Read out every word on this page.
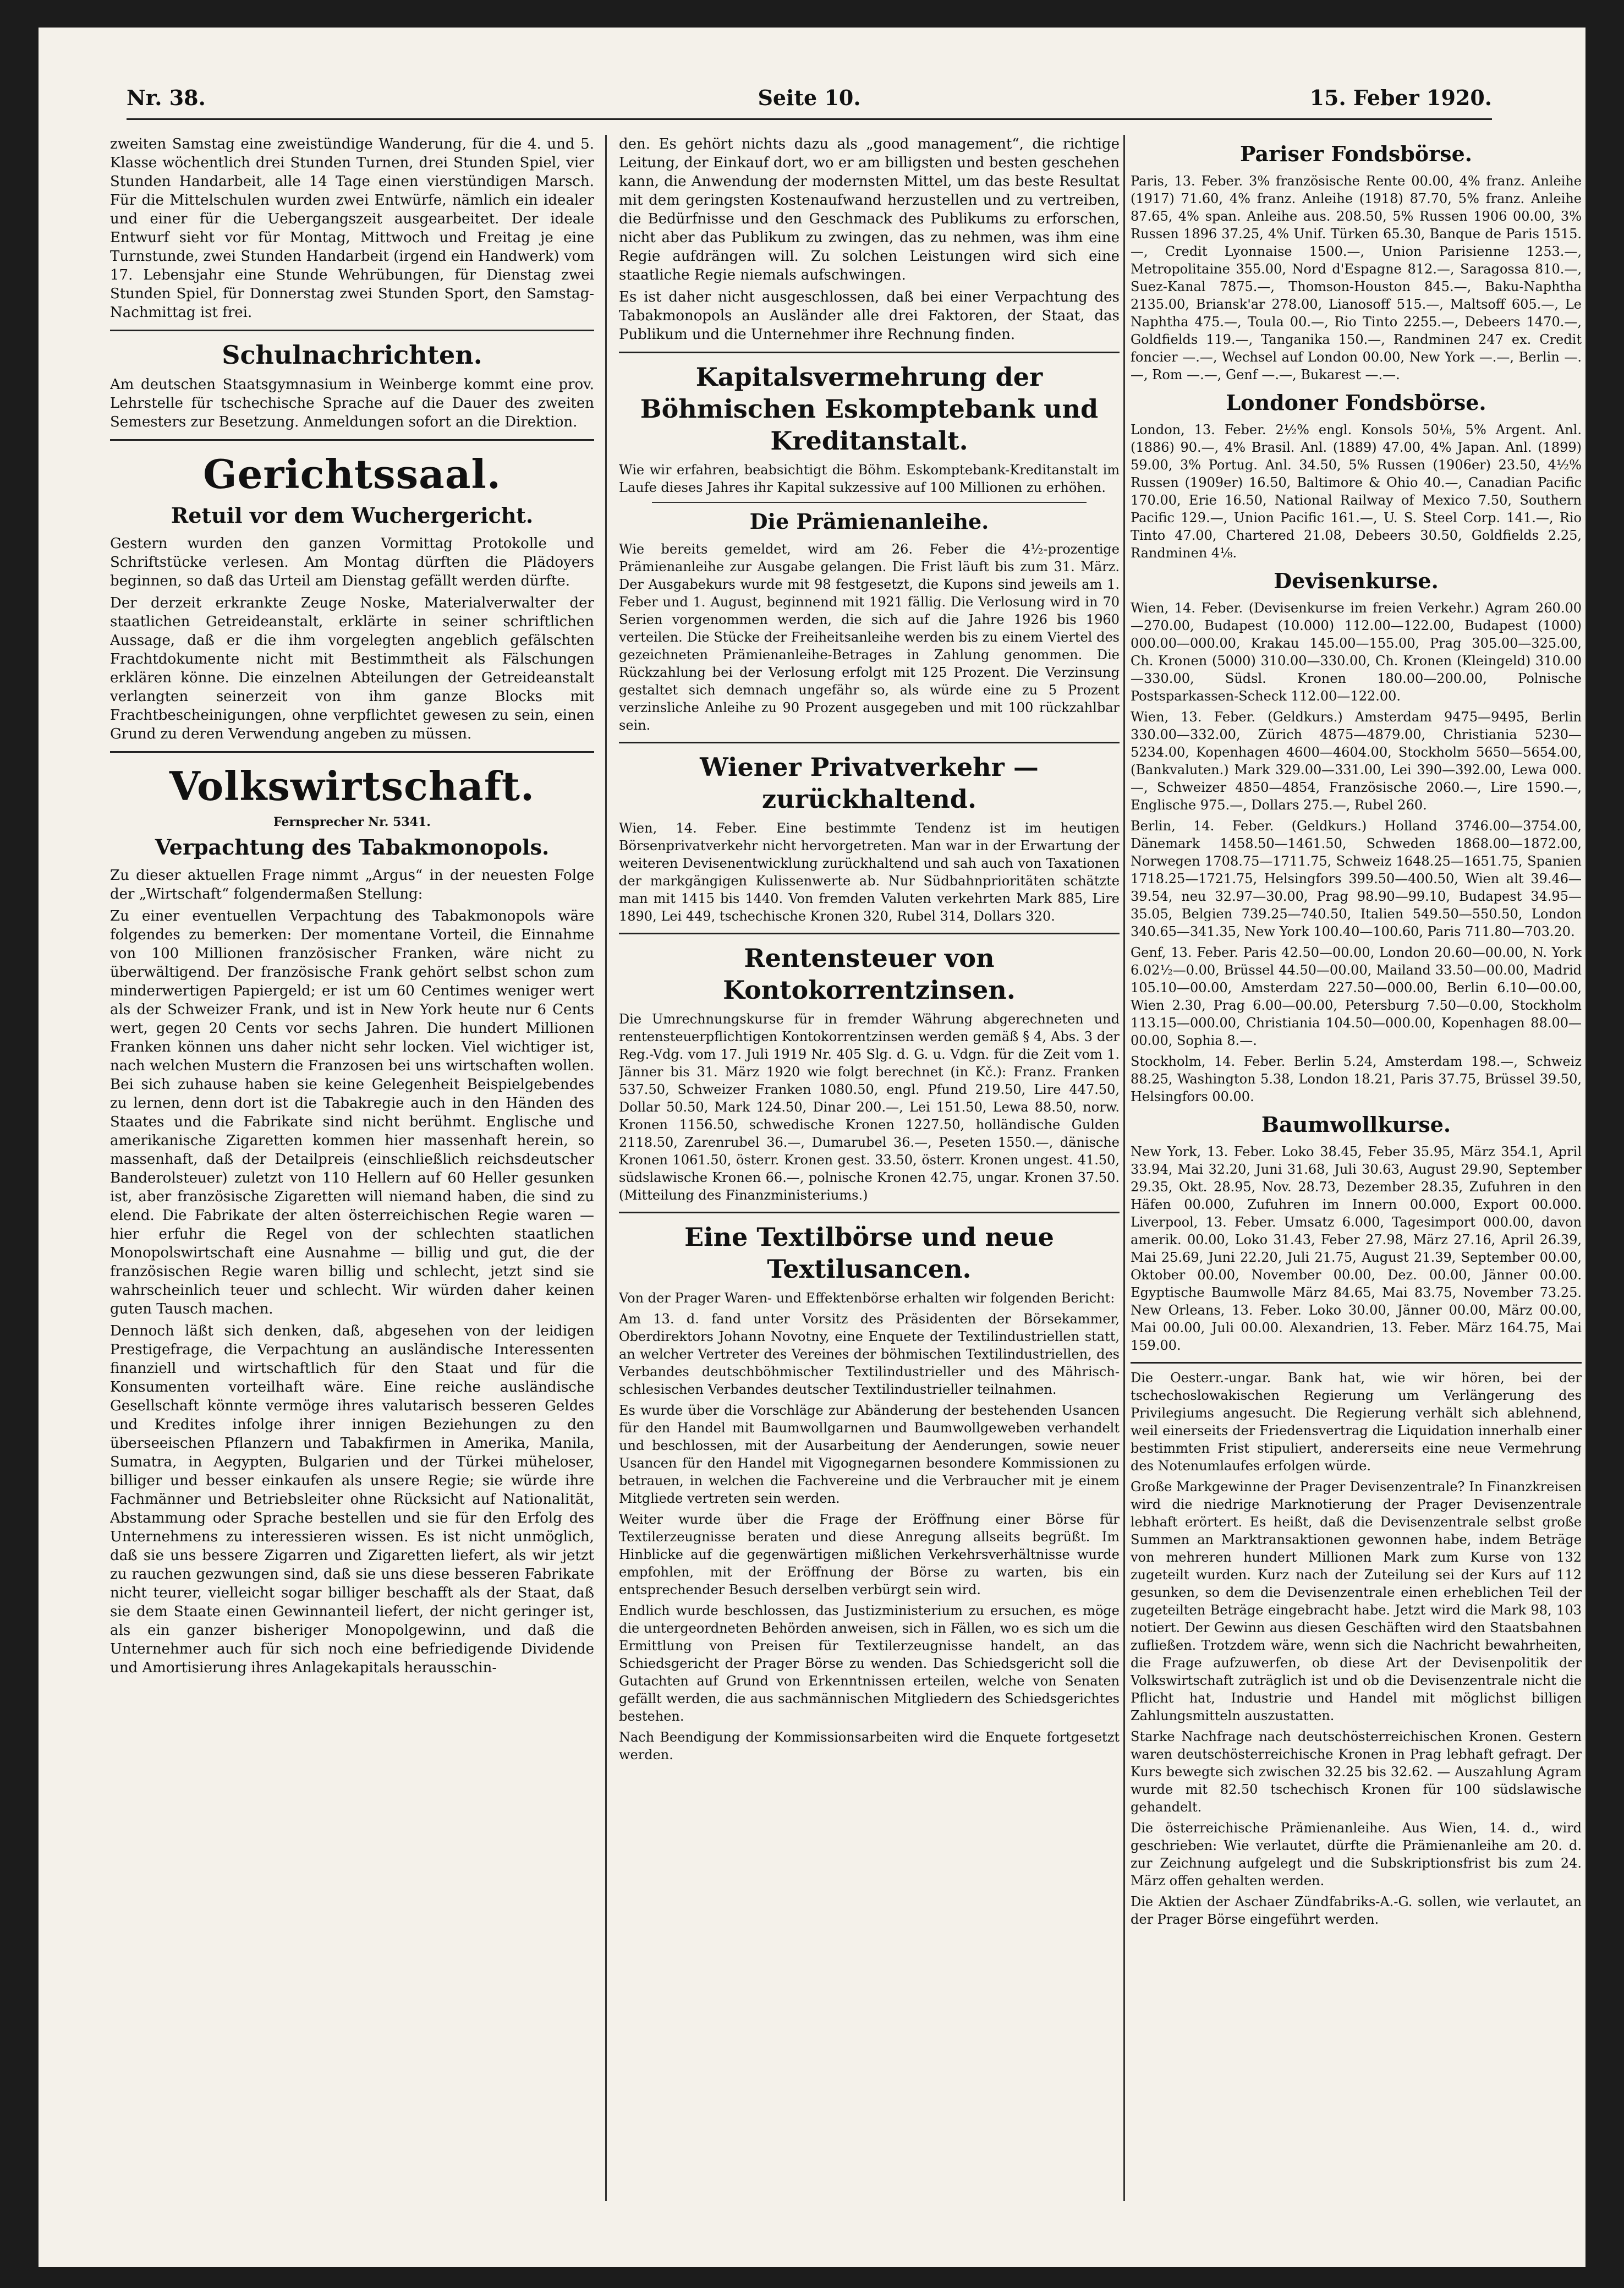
Nr. 38.	Seite 10.	15. Feber 1920.

zweiten Samstag eine zweistündige Wanderung, für die 4. und 5. Klasse wöchentlich drei Stunden Turnen, drei Stunden Spiel, vier Stunden Handarbeit, alle 14 Tage einen vierstündigen Marsch. Für die Mittelschulen wurden zwei Entwürfe, nämlich ein idealer und einer für die Uebergangszeit ausgearbeitet. Der ideale Entwurf sieht vor für Montag, Mittwoch und Freitag je eine Turnstunde, zwei Stunden Handarbeit (irgend ein Handwerk) vom 17. Lebensjahr eine Stunde Wehrübungen, für Dienstag zwei Stunden Spiel, für Donnerstag zwei Stunden Sport, den Samstag-Nachmittag ist frei.

Schulnachrichten.

Am deutschen Staatsgymnasium in Weinberge kommt eine prov. Lehrstelle für tschechische Sprache auf die Dauer des zweiten Semesters zur Besetzung. Anmeldungen sofort an die Direktion.

Gerichtssaal.
Retuil vor dem Wuchergericht.

Gestern wurden den ganzen Vormittag Protokolle und Schriftstücke verlesen. Am Montag dürften die Plädoyers beginnen, so daß das Urteil am Dienstag gefällt werden dürfte.

Der derzeit erkrankte Zeuge Noske, Materialverwalter der staatlichen Getreideanstalt, erklärte in seiner schriftlichen Aussage, daß er die ihm vorgelegten angeblich gefälschten Frachtdokumente nicht mit Bestimmtheit als Fälschungen erklären könne. Die einzelnen Abteilungen der Getreideanstalt verlangten seinerzeit von ihm ganze Blocks mit Frachtbescheinigungen, ohne verpflichtet gewesen zu sein, einen Grund zu deren Verwendung angeben zu müssen.

Volkswirtschaft.
Fernsprecher Nr. 5341.
Verpachtung des Tabakmonopols.

Zu dieser aktuellen Frage nimmt „Argus“ in der neuesten Folge der „Wirtschaft“ folgendermaßen Stellung:

Zu einer eventuellen Verpachtung des Tabakmonopols wäre folgendes zu bemerken: Der momentane Vorteil, die Einnahme von 100 Millionen französischer Franken, wäre nicht zu überwältigend. Der französische Frank gehört selbst schon zum minderwertigen Papiergeld; er ist um 60 Centimes weniger wert als der Schweizer Frank, und ist in New York heute nur 6 Cents wert, gegen 20 Cents vor sechs Jahren. Die hundert Millionen Franken können uns daher nicht sehr locken. Viel wichtiger ist, nach welchen Mustern die Franzosen bei uns wirtschaften wollen. Bei sich zuhause haben sie keine Gelegenheit Beispielgebendes zu lernen, denn dort ist die Tabakregie auch in den Händen des Staates und die Fabrikate sind nicht berühmt. Englische und amerikanische Zigaretten kommen hier massenhaft herein, so massenhaft, daß der Detailpreis (einschließlich reichsdeutscher Banderolsteuer) zuletzt von 110 Hellern auf 60 Heller gesunken ist, aber französische Zigaretten will niemand haben, die sind zu elend. Die Fabrikate der alten österreichischen Regie waren — hier erfuhr die Regel von der schlechten staatlichen Monopolswirtschaft eine Ausnahme — billig und gut, die der französischen Regie waren billig und schlecht, jetzt sind sie wahrscheinlich teuer und schlecht. Wir würden daher keinen guten Tausch machen.

Dennoch läßt sich denken, daß, abgesehen von der leidigen Prestigefrage, die Verpachtung an ausländische Interessenten finanziell und wirtschaftlich für den Staat und für die Konsumenten vorteilhaft wäre. Eine reiche ausländische Gesellschaft könnte vermöge ihres valutarisch besseren Geldes und Kredites infolge ihrer innigen Beziehungen zu den überseeischen Pflanzern und Tabakfirmen in Amerika, Manila, Sumatra, in Aegypten, Bulgarien und der Türkei müheloser, billiger und besser einkaufen als unsere Regie; sie würde ihre Fachmänner und Betriebsleiter ohne Rücksicht auf Nationalität, Abstammung oder Sprache bestellen und sie für den Erfolg des Unternehmens zu interessieren wissen. Es ist nicht unmöglich, daß sie uns bessere Zigarren und Zigaretten liefert, als wir jetzt zu rauchen gezwungen sind, daß sie uns diese besseren Fabrikate nicht teurer, vielleicht sogar billiger beschafft als der Staat, daß sie dem Staate einen Gewinnanteil liefert, der nicht geringer ist, als ein ganzer bisheriger Monopolgewinn, und daß die Unternehmer auch für sich noch eine befriedigende Dividende und Amortisierung ihres Anlagekapitals herausschin-

den. Es gehört nichts dazu als „good management“, die richtige Leitung, der Einkauf dort, wo er am billigsten und besten geschehen kann, die Anwendung der modernsten Mittel, um das beste Resultat mit dem geringsten Kostenaufwand herzustellen und zu vertreiben, die Bedürfnisse und den Geschmack des Publikums zu erforschen, nicht aber das Publikum zu zwingen, das zu nehmen, was ihm eine Regie aufdrängen will. Zu solchen Leistungen wird sich eine staatliche Regie niemals aufschwingen.

Es ist daher nicht ausgeschlossen, daß bei einer Verpachtung des Tabakmonopols an Ausländer alle drei Faktoren, der Staat, das Publikum und die Unternehmer ihre Rechnung finden.

Kapitalsvermehrung der Böhmischen Eskomptebank und Kreditanstalt.

Wie wir erfahren, beabsichtigt die Böhm. Eskomptebank-Kreditanstalt im Laufe dieses Jahres ihr Kapital sukzessive auf 100 Millionen zu erhöhen.

Die Prämienanleihe.

Wie bereits gemeldet, wird am 26. Feber die 4½-prozentige Prämienanleihe zur Ausgabe gelangen. Die Frist läuft bis zum 31. März. Der Ausgabekurs wurde mit 98 festgesetzt, die Kupons sind jeweils am 1. Feber und 1. August, beginnend mit 1921 fällig. Die Verlosung wird in 70 Serien vorgenommen werden, die sich auf die Jahre 1926 bis 1960 verteilen. Die Stücke der Freiheitsanleihe werden bis zu einem Viertel des gezeichneten Prämienanleihe-Betrages in Zahlung genommen. Die Rückzahlung bei der Verlosung erfolgt mit 125 Prozent. Die Verzinsung gestaltet sich demnach ungefähr so, als würde eine zu 5 Prozent verzinsliche Anleihe zu 90 Prozent ausgegeben und mit 100 rückzahlbar sein.

Wiener Privatverkehr — zurückhaltend.

Wien, 14. Feber. Eine bestimmte Tendenz ist im heutigen Börsenprivatverkehr nicht hervorgetreten. Man war in der Erwartung der weiteren Devisenentwicklung zurückhaltend und sah auch von Taxationen der markgängigen Kulissenwerte ab. Nur Südbahnprioritäten schätzte man mit 1415 bis 1440. Von fremden Valuten verkehrten Mark 885, Lire 1890, Lei 449, tschechische Kronen 320, Rubel 314, Dollars 320.

Rentensteuer von Kontokorrentzinsen.

Die Umrechnungskurse für in fremder Währung abgerechneten und rentensteuerpflichtigen Kontokorrentzinsen werden gemäß § 4, Abs. 3 der Reg.-Vdg. vom 17. Juli 1919 Nr. 405 Slg. d. G. u. Vdgn. für die Zeit vom 1. Jänner bis 31. März 1920 wie folgt berechnet (in Kč.): Franz. Franken 537.50, Schweizer Franken 1080.50, engl. Pfund 219.50, Lire 447.50, Dollar 50.50, Mark 124.50, Dinar 200.—, Lei 151.50, Lewa 88.50, norw. Kronen 1156.50, schwedische Kronen 1227.50, holländische Gulden 2118.50, Zarenrubel 36.—, Dumarubel 36.—, Peseten 1550.—, dänische Kronen 1061.50, österr. Kronen gest. 33.50, österr. Kronen ungest. 41.50, südslawische Kronen 66.—, polnische Kronen 42.75, ungar. Kronen 37.50. (Mitteilung des Finanzministeriums.)

Eine Textilbörse und neue Textilusancen.

Von der Prager Waren- und Effektenbörse erhalten wir folgenden Bericht:

Am 13. d. fand unter Vorsitz des Präsidenten der Börsekammer, Oberdirektors Johann Novotny, eine Enquete der Textilindustriellen statt, an welcher Vertreter des Vereines der böhmischen Textilindustriellen, des Verbandes deutschböhmischer Textilindustrieller und des Mährisch-schlesischen Verbandes deutscher Textilindustrieller teilnahmen.

Es wurde über die Vorschläge zur Abänderung der bestehenden Usancen für den Handel mit Baumwollgarnen und Baumwollgeweben verhandelt und beschlossen, mit der Ausarbeitung der Aenderungen, sowie neuer Usancen für den Handel mit Vigognegarnen besondere Kommissionen zu betrauen, in welchen die Fachvereine und die Verbraucher mit je einem Mitgliede vertreten sein werden.

Weiter wurde über die Frage der Eröffnung einer Börse für Textilerzeugnisse beraten und diese Anregung allseits begrüßt. Im Hinblicke auf die gegenwärtigen mißlichen Verkehrsverhältnisse wurde empfohlen, mit der Eröffnung der Börse zu warten, bis ein entsprechender Besuch derselben verbürgt sein wird.

Endlich wurde beschlossen, das Justizministerium zu ersuchen, es möge die untergeordneten Behörden anweisen, sich in Fällen, wo es sich um die Ermittlung von Preisen für Textilerzeugnisse handelt, an das Schiedsgericht der Prager Börse zu wenden. Das Schiedsgericht soll die Gutachten auf Grund von Erkenntnissen erteilen, welche von Senaten gefällt werden, die aus sachmännischen Mitgliedern des Schiedsgerichtes bestehen.

Nach Beendigung der Kommissionsarbeiten wird die Enquete fortgesetzt werden.

Pariser Fondsbörse.

Paris, 13. Feber. 3% französische Rente 00.00, 4% franz. Anleihe (1917) 71.60, 4% franz. Anleihe (1918) 87.70, 5% franz. Anleihe 87.65, 4% span. Anleihe aus. 208.50, 5% Russen 1906 00.00, 3% Russen 1896 37.25, 4% Unif. Türken 65.30, Banque de Paris 1515.—, Credit Lyonnaise 1500.—, Union Parisienne 1253.—, Metropolitaine 355.00, Nord d'Espagne 812.—, Saragossa 810.—, Suez-Kanal 7875.—, Thomson-Houston 845.—, Baku-Naphtha 2135.00, Briansk'ar 278.00, Lianosoff 515.—, Maltsoff 605.—, Le Naphtha 475.—, Toula 00.—, Rio Tinto 2255.—, Debeers 1470.—, Goldfields 119.—, Tanganika 150.—, Randminen 247 ex. Credit foncier —.—, Wechsel auf London 00.00, New York —.—, Berlin —.—, Rom —.—, Genf —.—, Bukarest —.—.

Londoner Fondsbörse.

London, 13. Feber. 2½% engl. Konsols 50⅛, 5% Argent. Anl. (1886) 90.—, 4% Brasil. Anl. (1889) 47.00, 4% Japan. Anl. (1899) 59.00, 3% Portug. Anl. 34.50, 5% Russen (1906er) 23.50, 4½% Russen (1909er) 16.50, Baltimore & Ohio 40.—, Canadian Pacific 170.00, Erie 16.50, National Railway of Mexico 7.50, Southern Pacific 129.—, Union Pacific 161.—, U. S. Steel Corp. 141.—, Rio Tinto 47.00, Chartered 21.08, Debeers 30.50, Goldfields 2.25, Randminen 4⅛.

Devisenkurse.

Wien, 14. Feber. (Devisenkurse im freien Verkehr.) Agram 260.00—270.00, Budapest (10.000) 112.00—122.00, Budapest (1000) 000.00—000.00, Krakau 145.00—155.00, Prag 305.00—325.00, Ch. Kronen (5000) 310.00—330.00, Ch. Kronen (Kleingeld) 310.00—330.00, Südsl. Kronen 180.00—200.00, Polnische Postsparkassen-Scheck 112.00—122.00.

Wien, 13. Feber. (Geldkurs.) Amsterdam 9475—9495, Berlin 330.00—332.00, Zürich 4875—4879.00, Christiania 5230—5234.00, Kopenhagen 4600—4604.00, Stockholm 5650—5654.00, (Bankvaluten.) Mark 329.00—331.00, Lei 390—392.00, Lewa 000.—, Schweizer 4850—4854, Französische 2060.—, Lire 1590.—, Englische 975.—, Dollars 275.—, Rubel 260.

Berlin, 14. Feber. (Geldkurs.) Holland 3746.00—3754.00, Dänemark 1458.50—1461.50, Schweden 1868.00—1872.00, Norwegen 1708.75—1711.75, Schweiz 1648.25—1651.75, Spanien 1718.25—1721.75, Helsingfors 399.50—400.50, Wien alt 39.46—39.54, neu 32.97—30.00, Prag 98.90—99.10, Budapest 34.95—35.05, Belgien 739.25—740.50, Italien 549.50—550.50, London 340.65—341.35, New York 100.40—100.60, Paris 711.80—703.20.

Genf, 13. Feber. Paris 42.50—00.00, London 20.60—00.00, N. York 6.02½—0.00, Brüssel 44.50—00.00, Mailand 33.50—00.00, Madrid 105.10—00.00, Amsterdam 227.50—000.00, Berlin 6.10—00.00, Wien 2.30, Prag 6.00—00.00, Petersburg 7.50—0.00, Stockholm 113.15—000.00, Christiania 104.50—000.00, Kopenhagen 88.00—00.00, Sophia 8.—.

Stockholm, 14. Feber. Berlin 5.24, Amsterdam 198.—, Schweiz 88.25, Washington 5.38, London 18.21, Paris 37.75, Brüssel 39.50, Helsingfors 00.00.

Baumwollkurse.

New York, 13. Feber. Loko 38.45, Feber 35.95, März 354.1, April 33.94, Mai 32.20, Juni 31.68, Juli 30.63, August 29.90, September 29.35, Okt. 28.95, Nov. 28.73, Dezember 28.35, Zufuhren in den Häfen 00.000, Zufuhren im Innern 00.000, Export 00.000. Liverpool, 13. Feber. Umsatz 6.000, Tagesimport 000.00, davon amerik. 00.00, Loko 31.43, Feber 27.98, März 27.16, April 26.39, Mai 25.69, Juni 22.20, Juli 21.75, August 21.39, September 00.00, Oktober 00.00, November 00.00, Dez. 00.00, Jänner 00.00. Egyptische Baumwolle März 84.65, Mai 83.75, November 73.25. New Orleans, 13. Feber. Loko 30.00, Jänner 00.00, März 00.00, Mai 00.00, Juli 00.00. Alexandrien, 13. Feber. März 164.75, Mai 159.00.

Die Oesterr.-ungar. Bank hat, wie wir hören, bei der tschechoslowakischen Regierung um Verlängerung des Privilegiums angesucht. Die Regierung verhält sich ablehnend, weil einerseits der Friedensvertrag die Liquidation innerhalb einer bestimmten Frist stipuliert, andererseits eine neue Vermehrung des Notenumlaufes erfolgen würde.

Große Markgewinne der Prager Devisenzentrale? In Finanzkreisen wird die niedrige Marknotierung der Prager Devisenzentrale lebhaft erörtert. Es heißt, daß die Devisenzentrale selbst große Summen an Marktransaktionen gewonnen habe, indem Beträge von mehreren hundert Millionen Mark zum Kurse von 132 zugeteilt wurden. Kurz nach der Zuteilung sei der Kurs auf 112 gesunken, so dem die Devisenzentrale einen erheblichen Teil der zugeteilten Beträge eingebracht habe. Jetzt wird die Mark 98, 103 notiert. Der Gewinn aus diesen Geschäften wird den Staatsbahnen zufließen. Trotzdem wäre, wenn sich die Nachricht bewahrheiten, die Frage aufzuwerfen, ob diese Art der Devisenpolitik der Volkswirtschaft zuträglich ist und ob die Devisenzentrale nicht die Pflicht hat, Industrie und Handel mit möglichst billigen Zahlungsmitteln auszustatten.

Starke Nachfrage nach deutschösterreichischen Kronen. Gestern waren deutschösterreichische Kronen in Prag lebhaft gefragt. Der Kurs bewegte sich zwischen 32.25 bis 32.62. — Auszahlung Agram wurde mit 82.50 tschechisch Kronen für 100 südslawische gehandelt.

Die österreichische Prämienanleihe. Aus Wien, 14. d., wird geschrieben: Wie verlautet, dürfte die Prämienanleihe am 20. d. zur Zeichnung aufgelegt und die Subskriptionsfrist bis zum 24. März offen gehalten werden.

Die Aktien der Aschaer Zündfabriks-A.-G. sollen, wie verlautet, an der Prager Börse eingeführt werden.
